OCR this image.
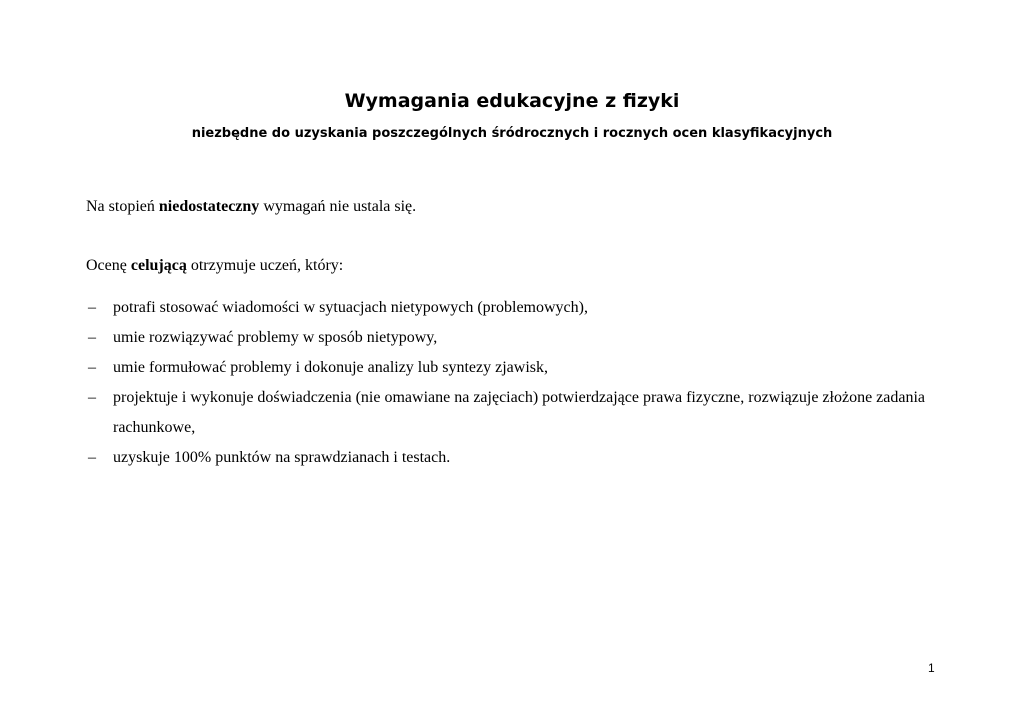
Wymagania edukacyjne z fizyki
niezbędne do uzyskania poszczególnych śródrocznych i rocznych ocen klasyfikacyjnych
Na stopień niedostateczny wymagań nie ustala się.
Ocenę celującą otrzymuje uczeń, który:
– potrafi stosować wiadomości w sytuacjach nietypowych (problemowych),
– umie rozwiązywać problemy w sposób nietypowy,
– umie formułować problemy i dokonuje analizy lub syntezy zjawisk,
– projektuje i wykonuje doświadczenia (nie omawiane na zajęciach) potwierdzające prawa fizyczne, rozwiązuje złożone zadania rachunkowe,
– uzyskuje 100% punktów na sprawdzianach i testach.
1
